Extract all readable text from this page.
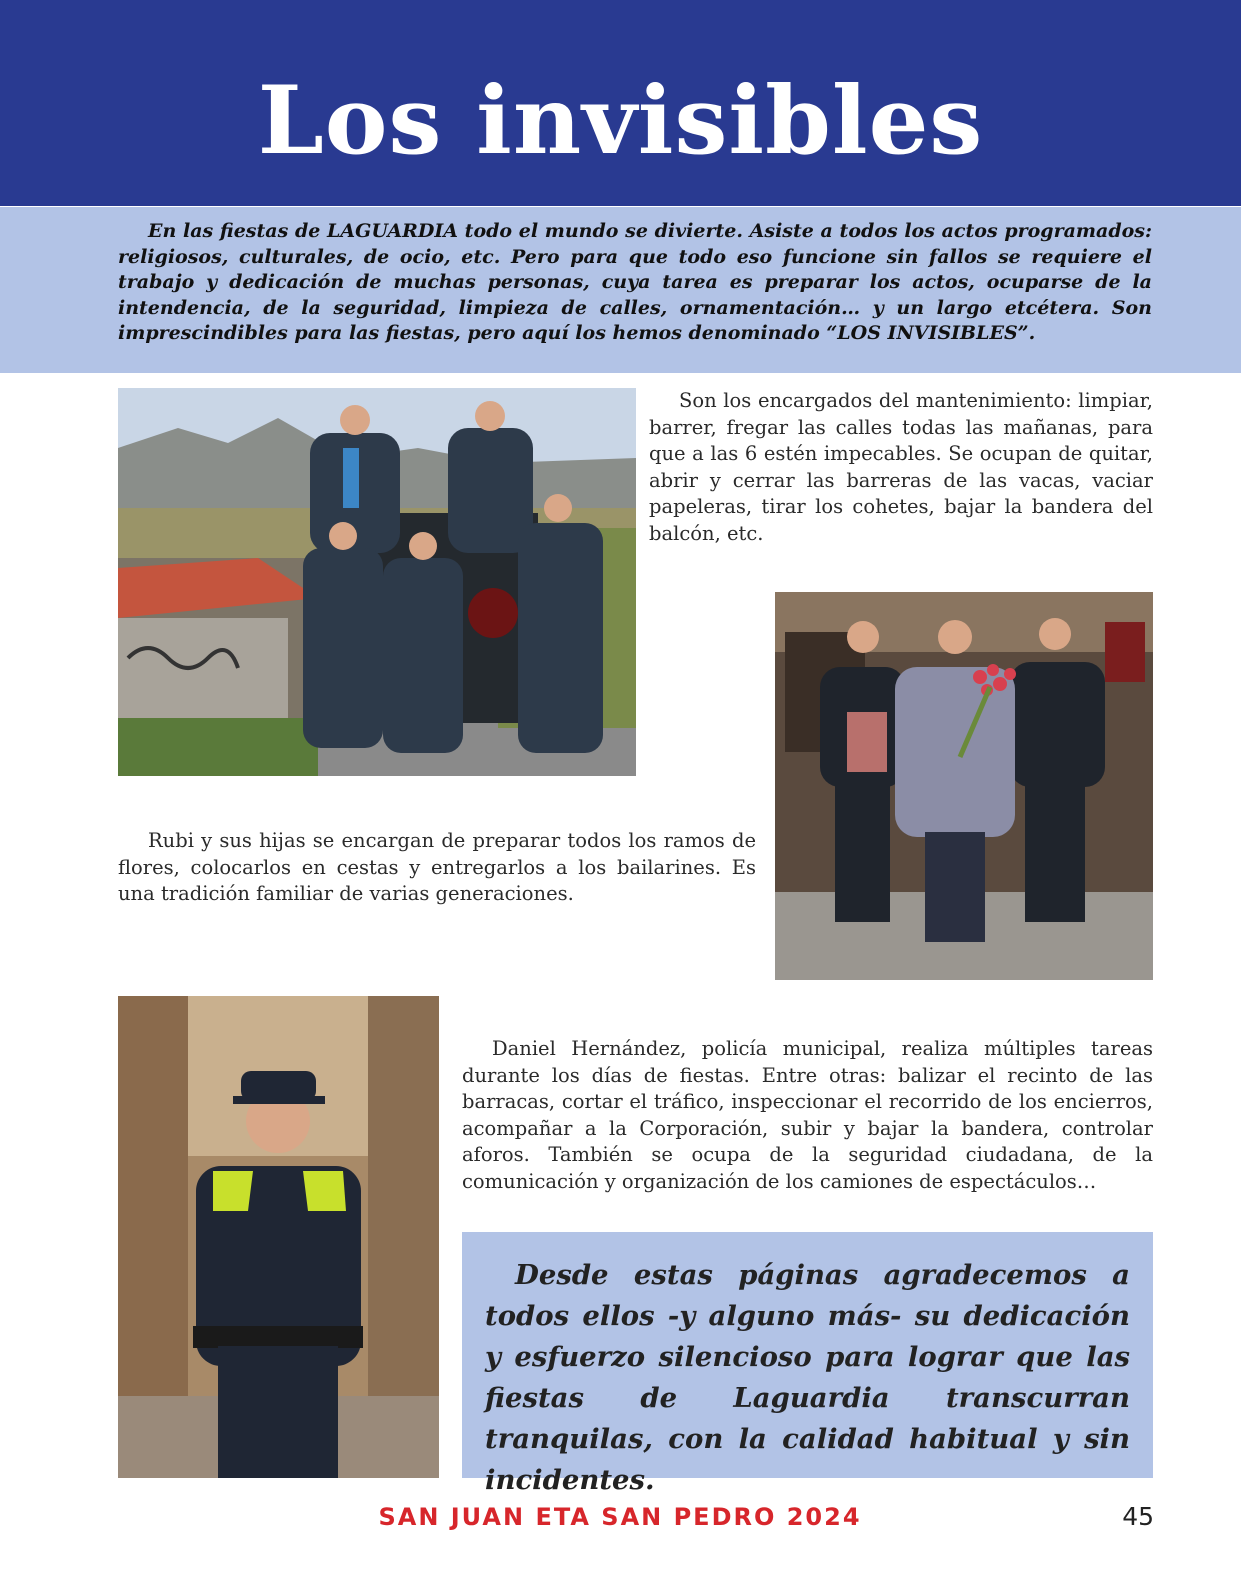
Los invisibles

En las fiestas de LAGUARDIA todo el mundo se divierte. Asiste a todos los actos programados: religiosos, culturales, de ocio, etc. Pero para que todo eso funcione sin fallos se requiere el trabajo y dedicación de muchas personas, cuya tarea es preparar los actos, ocuparse de la intendencia, de la seguridad, limpieza de calles, ornamentación… y un largo etcétera. Son imprescindibles para las fiestas, pero aquí los hemos denominado “LOS INVISIBLES”.

Son los encargados del mantenimiento: limpiar, barrer, fregar las calles todas las mañanas, para que a las 6 estén impecables. Se ocupan de quitar, abrir y cerrar las barreras de las vacas, vaciar papeleras, tirar los cohetes, bajar la bandera del balcón, etc.

Rubi y sus hijas se encargan de preparar todos los ramos de flores, colocarlos en cestas y entregarlos a los bailarines. Es una tradición familiar de varias generaciones.

Daniel Hernández, policía municipal, realiza múltiples tareas durante los días de fiestas. Entre otras: balizar el recinto de las barracas, cortar el tráfico, inspeccionar el recorrido de los encierros, acompañar a la Corporación, subir y bajar la bandera, controlar aforos. También se ocupa de la seguridad ciudadana, de la comunicación y organización de los camiones de espectáculos…

Desde estas páginas agradecemos a todos ellos -y alguno más- su dedicación y esfuerzo silencioso para lograr que las fiestas de Laguardia transcurran tranquilas, con la calidad habitual y sin incidentes.

SAN JUAN ETA SAN PEDRO 2024	45
